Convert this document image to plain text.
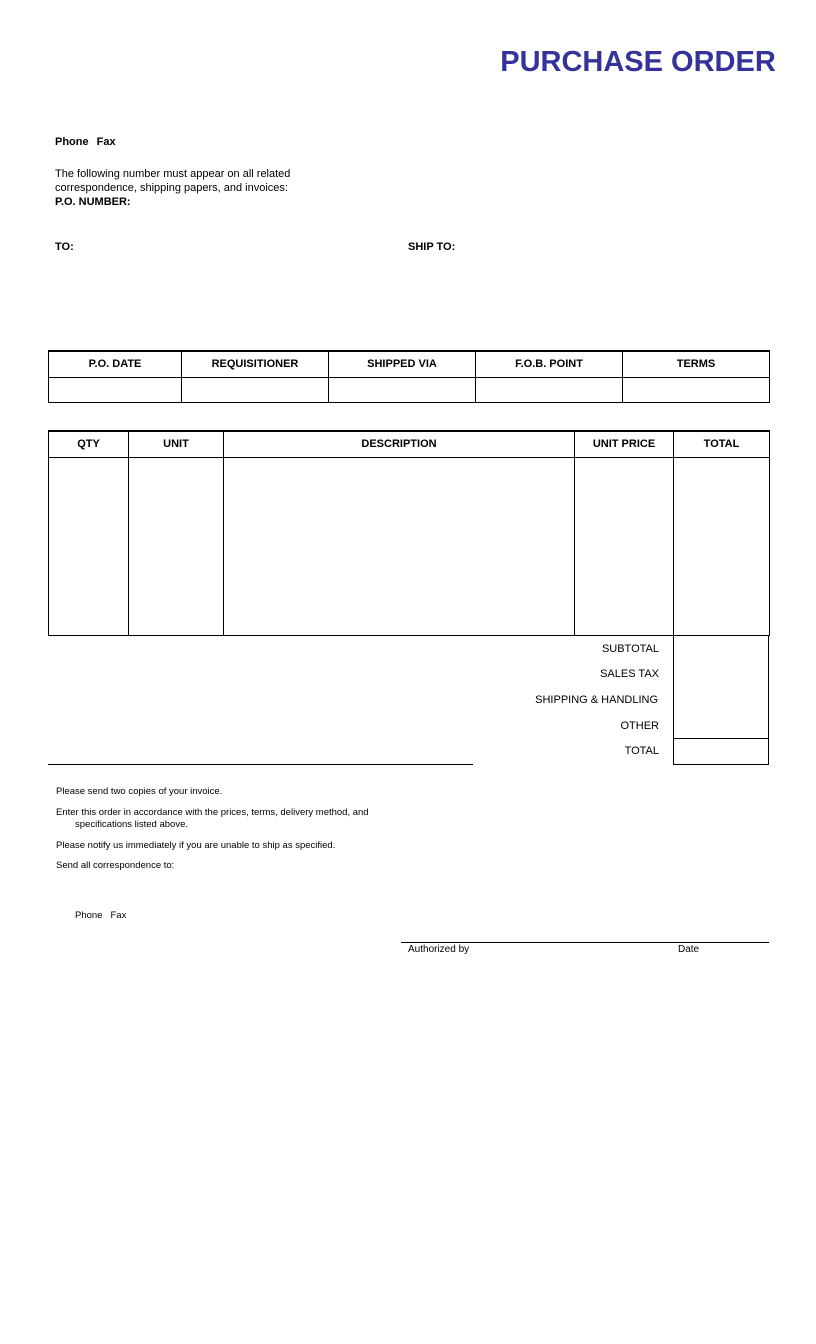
PURCHASE ORDER
Phone Fax
The following number must appear on all related
correspondence, shipping papers, and invoices:
P.O. NUMBER:
TO:	SHIP TO:
P.O. DATE	REQUISITIONER	SHIPPED VIA	F.O.B. POINT	TERMS

QTY	UNIT	DESCRIPTION	UNIT PRICE	TOTAL

SUBTOTAL
SALES TAX
SHIPPING & HANDLING
OTHER
TOTAL
Please send two copies of your invoice.
Enter this order in accordance with the prices, terms, delivery method, and
specifications listed above.
Please notify us immediately if you are unable to ship as specified.
Send all correspondence to:
Phone Fax
Authorized by	Date
